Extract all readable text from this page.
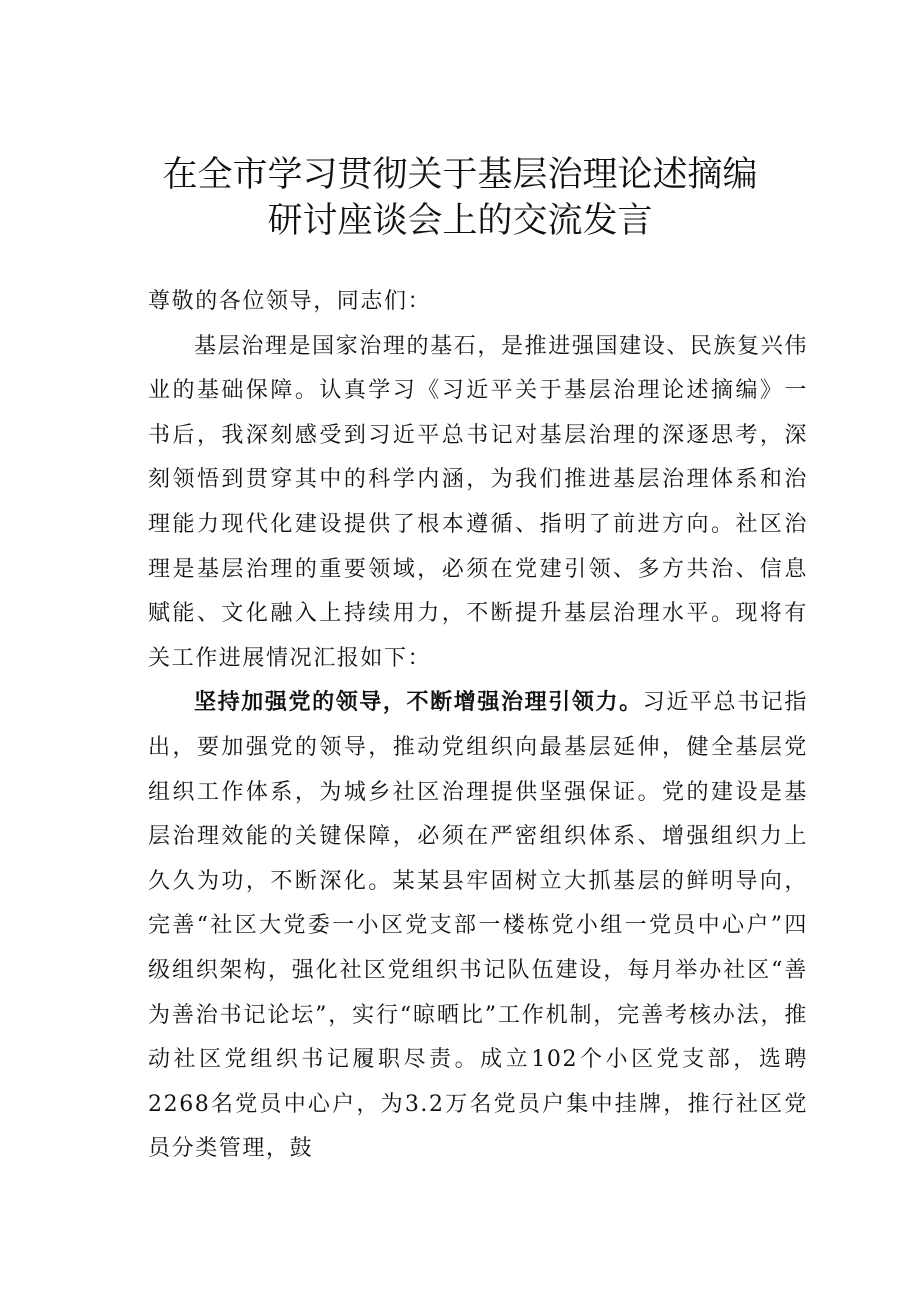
在全市学习贯彻关于基层治理论述摘编
研讨座谈会上的交流发言

尊敬的各位领导，同志们：

基层治理是国家治理的基石，是推进强国建设、民族复兴伟业的基础保障。认真学习《习近平关于基层治理论述摘编》一书后，我深刻感受到习近平总书记对基层治理的深逐思考，深刻领悟到贯穿其中的科学内涵，为我们推进基层治理体系和治理能力现代化建设提供了根本遵循、指明了前进方向。社区治理是基层治理的重要领域，必须在党建引领、多方共治、信息赋能、文化融入上持续用力，不断提升基层治理水平。现将有关工作进展情况汇报如下：

坚持加强党的领导，不断增强治理引领力。习近平总书记指出，要加强党的领导，推动党组织向最基层延伸，健全基层党组织工作体系，为城乡社区治理提供坚强保证。党的建设是基层治理效能的关键保障，必须在严密组织体系、增强组织力上久久为功，不断深化。某某县牢固树立大抓基层的鲜明导向，完善“社区大党委一小区党支部一楼栋党小组一党员中心户”四级组织架构，强化社区党组织书记队伍建设，每月举办社区“善为善治书记论坛”，实行“晾晒比”工作机制，完善考核办法，推动社区党组织书记履职尽责。成立102个小区党支部，选聘2268名党员中心户，为3.2万名党员户集中挂牌，推行社区党员分类管理，鼓
